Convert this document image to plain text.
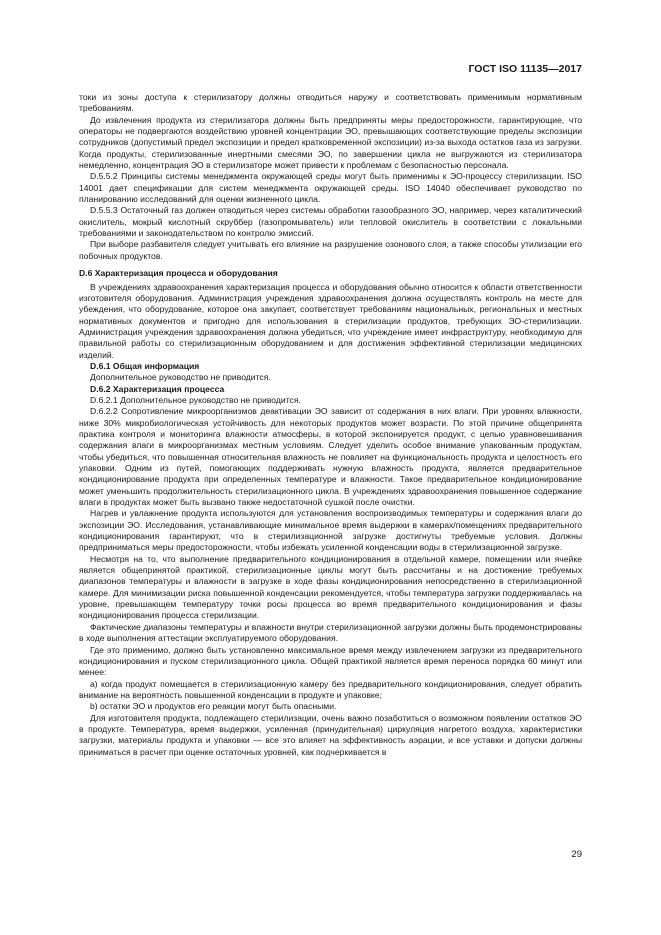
ГОСТ ISO 11135—2017

токи из зоны доступа к стерилизатору должны отводиться наружу и соответствовать применимым нормативным требованиям.

До извлечения продукта из стерилизатора должны быть предприняты меры предосторожности, гарантирующие, что операторы не подвергаются воздействию уровней концентрации ЭО, превышающих соответствующие пределы экспозиции сотрудников (допустимый предел экспозиции и предел кратковременной экспозиции) из-за выхода остатков газа из загрузки. Когда продукты, стерилизованные инертными смесями ЭО, по завершении цикла не выгружаются из стерилизатора немедленно, концентрация ЭО в стерилизаторе может привести к проблемам с безопасностью персонала.

D.5.5.2 Принципы системы менеджмента окружающей среды могут быть применимы к ЭО-процессу стерилизации. ISO 14001 дает спецификации для систем менеджмента окружающей среды. ISO 14040 обеспечивает руководство по планированию исследований для оценки жизненного цикла.

D.5.5.3 Остаточный газ должен отводиться через системы обработки газообразного ЭО, например, через каталитический окислитель, мокрый кислотный скруббер (газопромыватель) или тепловой окислитель в соответствии с локальными требованиями и законодательством по контролю эмиссий.

При выборе разбавителя следует учитывать его влияние на разрушение озонового слоя, а также способы утилизации его побочных продуктов.

D.6 Характеризация процесса и оборудования

В учреждениях здравоохранения характеризация процесса и оборудования обычно относится к области ответственности изготовителя оборудования. Администрация учреждения здравоохранения должна осуществлять контроль на месте для убеждения, что оборудование, которое она закупает, соответствует требованиям национальных, региональных и местных нормативных документов и пригодно для использования в стерилизации продуктов, требующих ЭО-стерилизации. Администрация учреждения здравоохранения должна убедиться, что учреждение имеет инфраструктуру, необходимую для правильной работы со стерилизационным оборудованием и для достижения эффективной стерилизации медицинских изделий.

D.6.1 Общая информация

Дополнительное руководство не приводится.

D.6.2 Характеризация процесса

D.6.2.1 Дополнительное руководство не приводится.

D.6.2.2 Сопротивление микроорганизмов деактивации ЭО зависит от содержания в них влаги. При уровнях влажности, ниже 30% микробиологическая устойчивость для некоторых продуктов может возрасти. По этой причине общепринята практика контроля и мониторинга влажности атмосферы, в которой экспонируется продукт, с целью уравновешивания содержания влаги в микроорганизмах местным условиям. Следует уделить особое внимание упакованным продуктам, чтобы убедиться, что повышенная относительная влажность не повлияет на функциональность продукта и целостность его упаковки. Одним из путей, помогающих поддерживать нужную влажность продукта, является предварительное кондиционирование продукта при определенных температуре и влажности. Такое предварительное кондиционирование может уменьшить продолжительность стерилизационного цикла. В учреждениях здравоохранения повышенное содержание влаги в продуктах может быть вызвано также недостаточной сушкой после очистки.

Нагрев и увлажнение продукта используются для установления воспроизводимых температуры и содержания влаги до экспозиции ЭО. Исследования, устанавливающие минимальное время выдержки в камерах/помещениях предварительного кондиционирования гарантируют, что в стерилизационной загрузке достигнуты требуемые условия. Должны предприниматься меры предосторожности, чтобы избежать усиленной конденсации воды в стерилизационной загрузке.

Несмотря на то, что выполнение предварительного кондиционирования в отдельной камере, помещении или ячейке является общепринятой практикой, стерилизационные циклы могут быть рассчитаны и на достижение требуемых диапазонов температуры и влажности в загрузке в ходе фазы кондиционирования непосредственно в стерилизационной камере. Для минимизации риска повышенной конденсации рекомендуется, чтобы температура загрузки поддерживалась на уровне, превышающем температуру точки росы процесса во время предварительного кондиционирования и фазы кондиционирования процесса стерилизации.

Фактические диапазоны температуры и влажности внутри стерилизационной загрузки должны быть продемонстрированы в ходе выполнения аттестации эксплуатируемого оборудования.

Где это применимо, должно быть установленно максимальное время между извлечением загрузки из предварительного кондиционирования и пуском стерилизационного цикла. Общей практикой является время переноса порядка 60 минут или менее:

а) когда продукт помещается в стерилизационную камеру без предварительного кондиционирования, следует обратить внимание на вероятность повышенной конденсации в продукте и упаковке;

b) остатки ЭО и продуктов его реакции могут быть опасными.

Для изготовителя продукта, подлежащего стерилизации, очень важно позаботиться о возможном появлении остатков ЭО в продукте. Температура, время выдержки, усиленная (принудительная) циркуляция нагретого воздуха, характеристики загрузки, материалы продукта и упаковки — все это влияет на эффективность аэрации, и все уставки и допуски должны приниматься в расчет при оценке остаточных уровней, как подчеркивается в

29
